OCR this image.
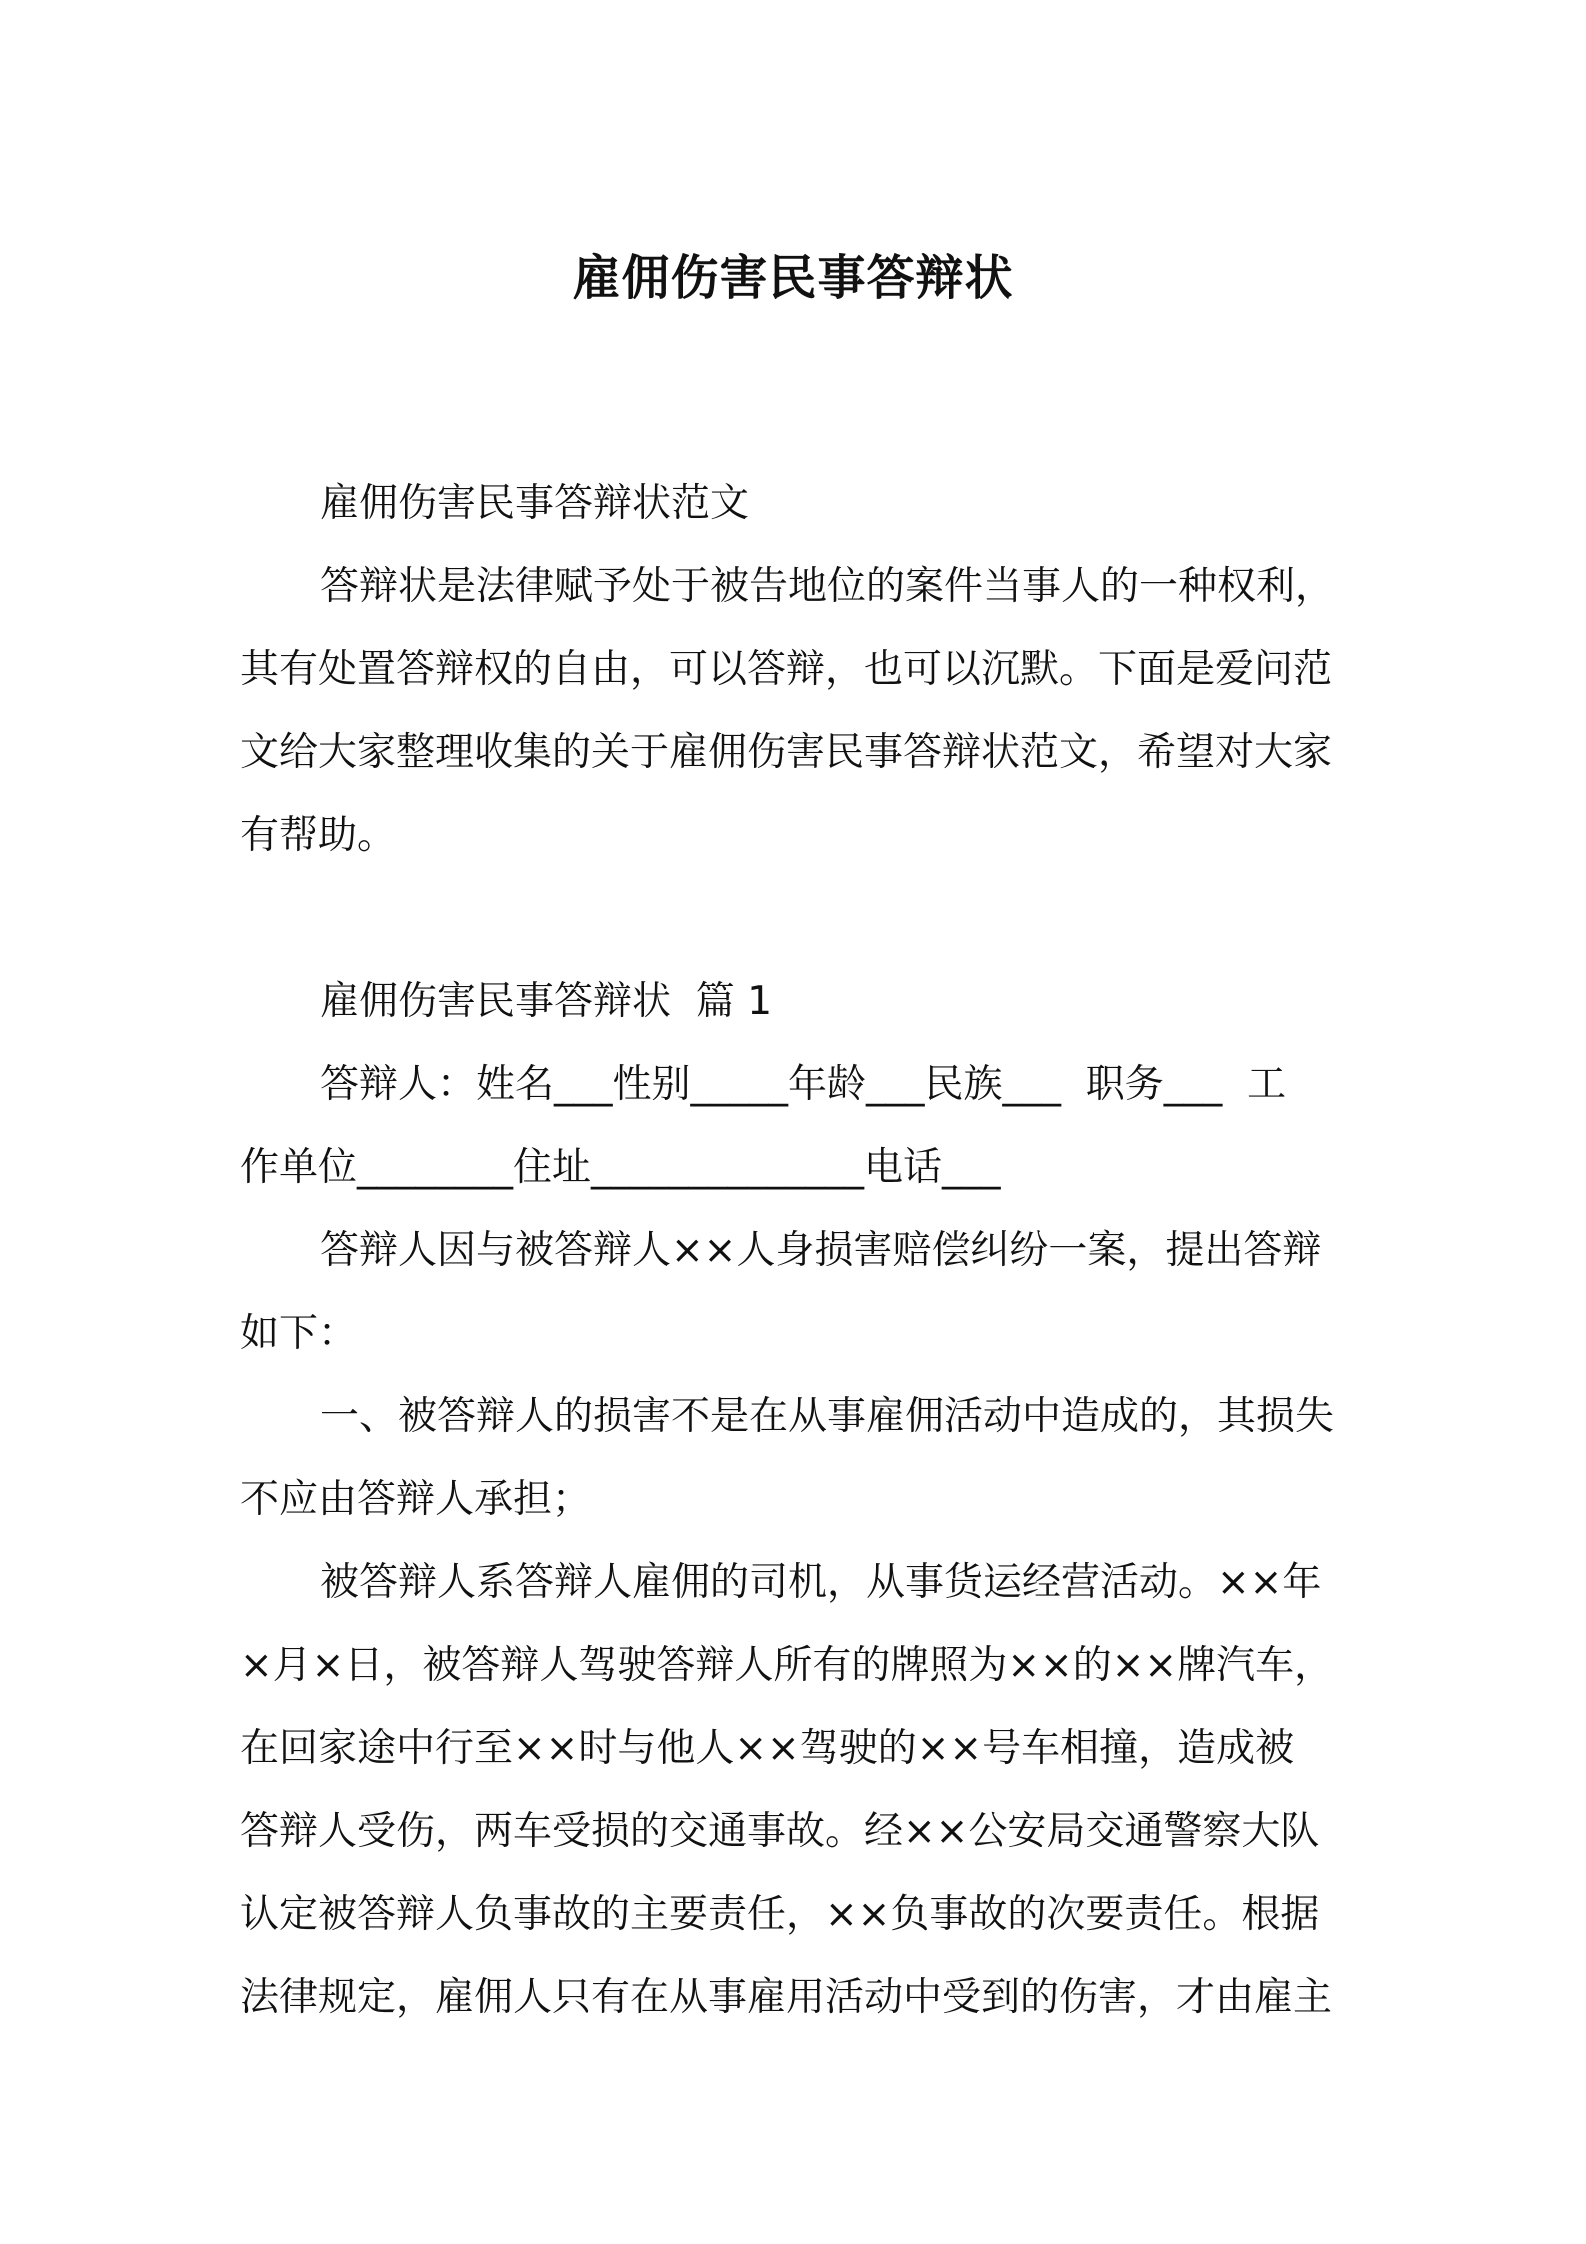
雇佣伤害民事答辩状
雇佣伤害民事答辩状范文
答辩状是法律赋予处于被告地位的案件当事人的一种权利，
其有处置答辩权的自由，可以答辩，也可以沉默。下面是爱问范
文给大家整理收集的关于雇佣伤害民事答辩状范文，希望对大家
有帮助。
雇佣伤害民事答辩状  篇 1
答辩人：姓名___性别_____年龄___民族___  职务___  工
作单位________住址______________电话___
答辩人因与被答辩人××人身损害赔偿纠纷一案，提出答辩
如下：
一、被答辩人的损害不是在从事雇佣活动中造成的，其损失
不应由答辩人承担；
被答辩人系答辩人雇佣的司机，从事货运经营活动。××年
×月×日，被答辩人驾驶答辩人所有的牌照为××的××牌汽车，
在回家途中行至××时与他人××驾驶的××号车相撞，造成被
答辩人受伤，两车受损的交通事故。经××公安局交通警察大队
认定被答辩人负事故的主要责任，××负事故的次要责任。根据
法律规定，雇佣人只有在从事雇用活动中受到的伤害，才由雇主
